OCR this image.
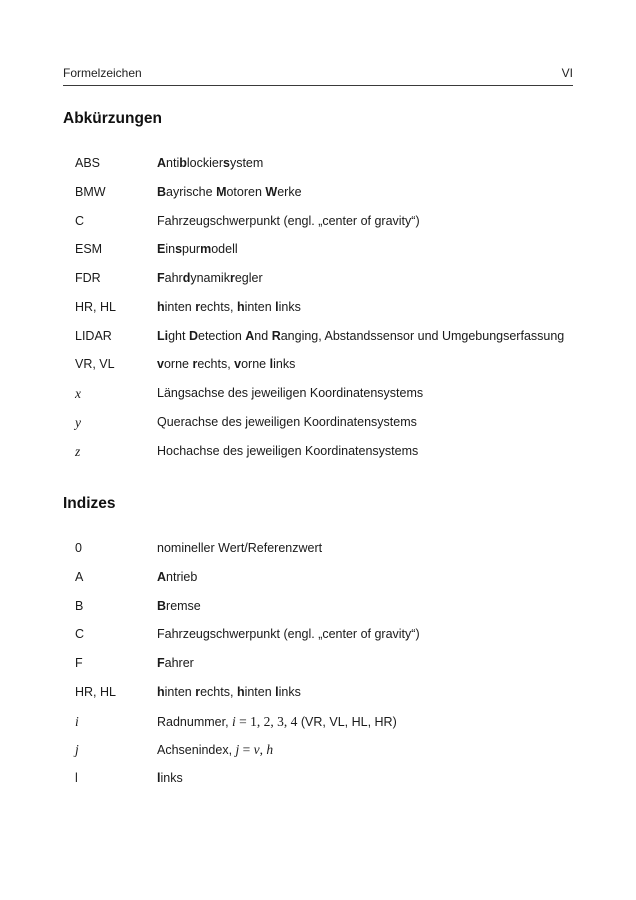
Formelzeichen	VI
Abkürzungen
ABS	Antiblockiersystem
BMW	Bayrische Motoren Werke
C	Fahrzeugschwerpunkt (engl. „center of gravity“)
ESM	Einspurmodell
FDR	Fahrdynamikregler
HR, HL	hinten rechts, hinten links
LIDAR	Light Detection And Ranging, Abstandssensor und Umgebungserfassung
VR, VL	vorne rechts, vorne links
x	Längsachse des jeweiligen Koordinatensystems
y	Querachse des jeweiligen Koordinatensystems
z	Hochachse des jeweiligen Koordinatensystems
Indizes
0	nomineller Wert/Referenzwert
A	Antrieb
B	Bremse
C	Fahrzeugschwerpunkt (engl. „center of gravity“)
F	Fahrer
HR, HL	hinten rechts, hinten links
i	Radnummer, i = 1, 2, 3, 4 (VR, VL, HL, HR)
j	Achsenindex, j = v, h
l	links
